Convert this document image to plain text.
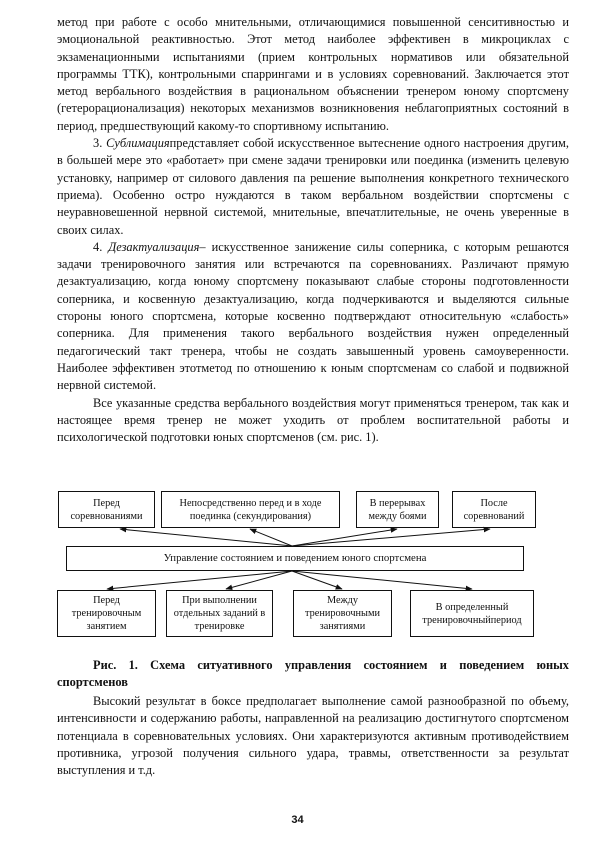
метод при работе с особо мнительными, отличающимися повышенной сенситивностью и эмоциональной реактивностью. Этот метод наиболее эффективен в микроциклах с экзаменационными испытаниями (прием контрольных нормативов или обязательной программы ТТК), контрольными спаррингами и в условиях соревнований. Заключается этот метод вербального воздействия в рациональном объяснении тренером юному спортсмену (гетерорационализация) некоторых механизмов возникновения неблагоприятных состояний в период, предшествующий какому-то спортивному испытанию.

3. Сублимацияпредставляет собой искусственное вытеснение одного настроения другим, в большей мере это «работает» при смене задачи тренировки или поединка (изменить целевую установку, например от силового давления па решение выполнения конкретного технического приема). Особенно остро нуждаются в таком вербальном воздействии спортсмены с неуравновешенной нервной системой, мнительные, впечатлительные, не очень уверенные в своих силах.

4. Дезактуализация– искусственное занижение силы соперника, с которым решаются задачи тренировочного занятия или встречаются па соревнованиях. Различают прямую дезактуализацию, когда юному спортсмену показывают слабые стороны подготовленности соперника, и косвенную дезактуализацию, когда подчеркиваются и выделяются сильные стороны юного спортсмена, которые косвенно подтверждают относительную «слабость» соперника. Для применения такого вербального воздействия нужен определенный педагогический такт тренера, чтобы не создать завышенный уровень самоуверенности. Наиболее эффективен этотметод по отношению к юным спортсменам со слабой и подвижной нервной системой.

Все указанные средства вербального воздействия могут применяться тренером, так как и настоящее время тренер не может уходить от проблем воспитательной работы и психологической подготовки юных спортсменов (см. рис. 1).

Перед соревнованиями
Непосредственно перед и в ходе поединка (секундирования)
В перерывах между боями
После соревнований
Управление состоянием и поведением юного спортсмена
Перед тренировочным занятием
При выполнении отдельных заданий в тренировке
Между тренировочными занятиями
В определенный тренировочныйпериод
Рис. 1. Схема ситуативного управления состоянием и поведением юных спортсменов

Высокий результат в боксе предполагает выполнение самой разнообразной по объему, интенсивности и содержанию работы, направленной на реализацию достигнутого спортсменом потенциала в соревновательных условиях. Они характеризуются активным противодействием противника, угрозой получения сильного удара, травмы, ответственности за результат выступления и т.д.

34
